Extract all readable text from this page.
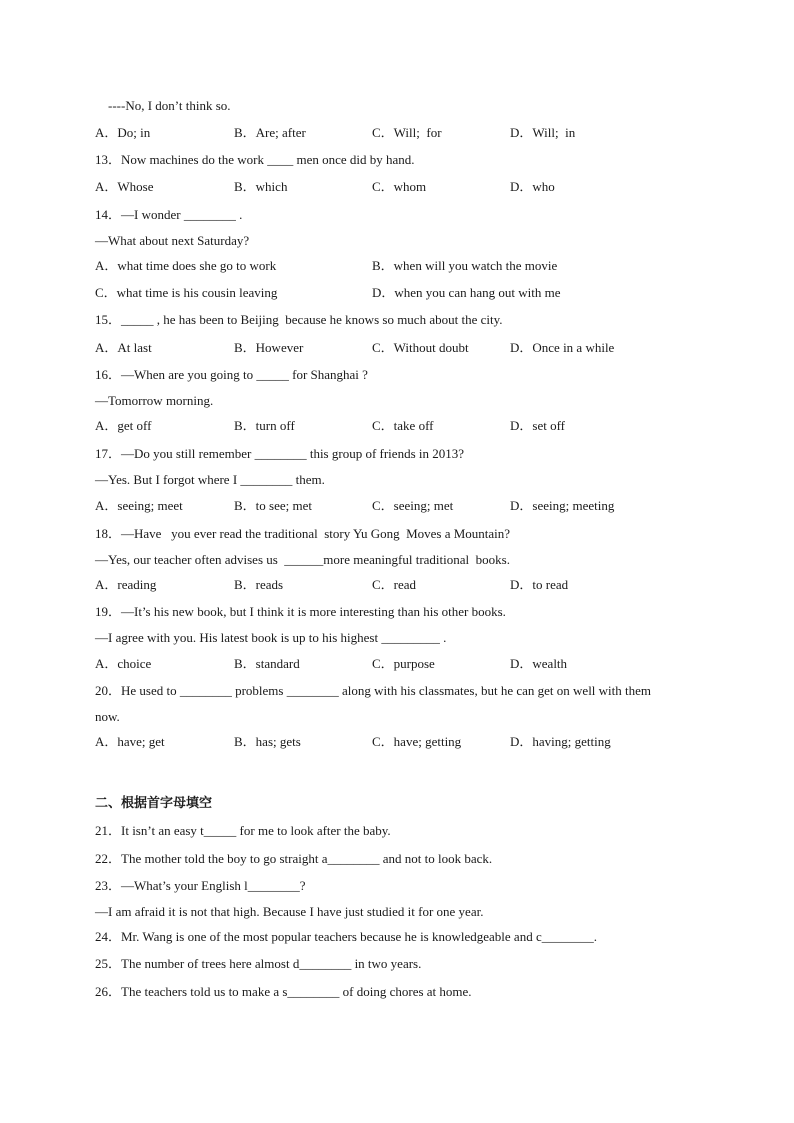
----No, I don’t think so.
A．Do; in	B．Are; after	C．Will;  for	D．Will;  in
13．Now machines do the work ____ men once did by hand.
A．Whose	B．which	C．whom	D．who
14．—I wonder ________ .
—What about next Saturday?
A．what time does she go to work	B．when will you watch the movie
C．what time is his cousin leaving	D．when you can hang out with me
15．_____ , he has been to Beijing  because he knows so much about the city.
A．At last	B．However	C．Without doubt	D．Once in a while
16．—When are you going to _____ for Shanghai ?
—Tomorrow morning.
A．get off	B．turn off	C．take off	D．set off
17．—Do you still remember ________ this group of friends in 2013?
—Yes. But I forgot where I ________ them.
A．seeing; meet	B．to see; met	C．seeing; met	D．seeing; meeting
18．—Have   you ever read the traditional  story Yu Gong  Moves a Mountain?
—Yes, our teacher often advises us  ______more meaningful traditional  books.
A．reading	B．reads	C．read	D．to read
19．—It’s his new book, but I think it is more interesting than his other books.
—I agree with you. His latest book is up to his highest _________ .
A．choice	B．standard	C．purpose	D．wealth
20．He used to ________ problems ________ along with his classmates, but he can get on well with them
now.
A．have; get	B．has; gets	C．have; getting	D．having; getting
二、根据首字母填空
21．It isn’t an easy t_____ for me to look after the baby.
22．The mother told the boy to go straight a________ and not to look back.
23．—What’s your English l________?
—I am afraid it is not that high. Because I have just studied it for one year.
24．Mr. Wang is one of the most popular teachers because he is knowledgeable and c________.
25．The number of trees here almost d________ in two years.
26．The teachers told us to make a s________ of doing chores at home.
